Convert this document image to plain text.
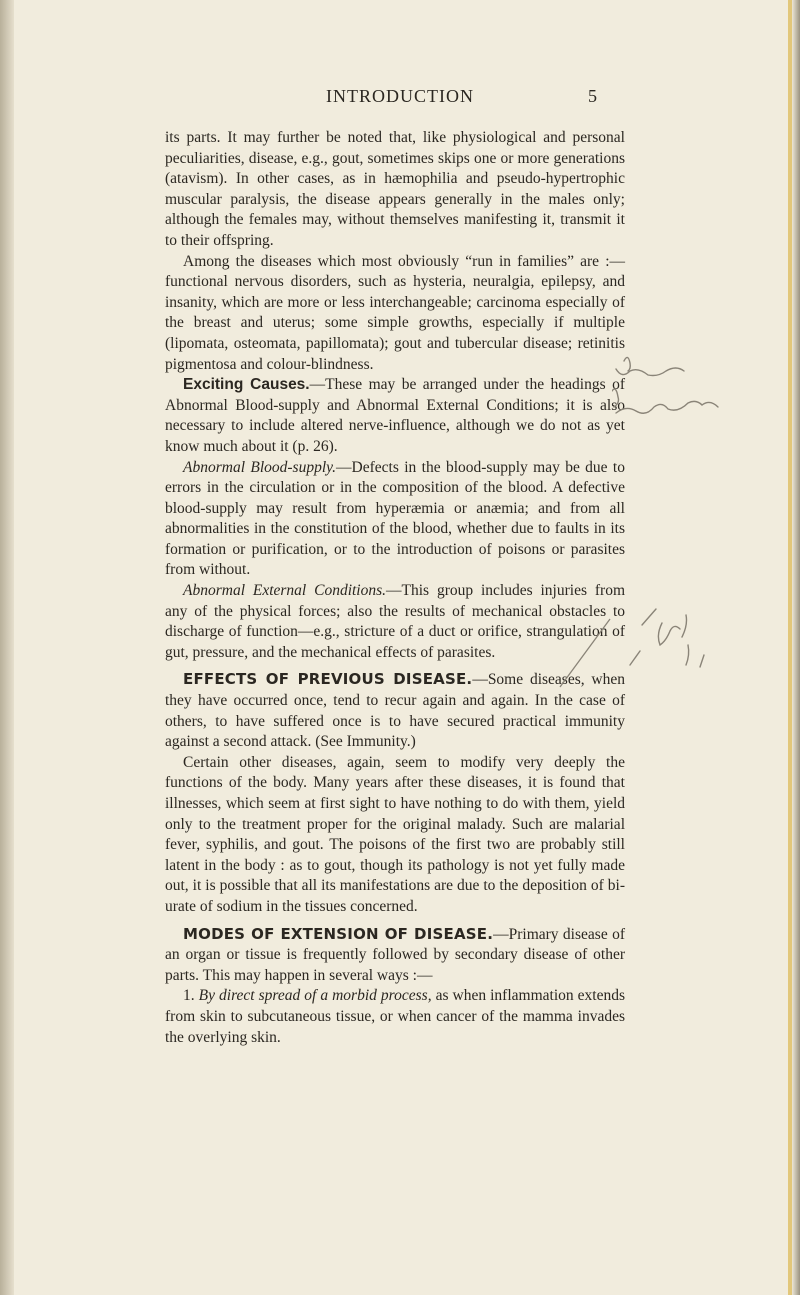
INTRODUCTION	5

its parts. It may further be noted that, like physiological and personal peculiarities, disease, e.g., gout, sometimes skips one or more generations (atavism). In other cases, as in hæmophilia and pseudo-hypertrophic muscular paralysis, the disease appears generally in the males only; although the females may, without themselves manifesting it, transmit it to their offspring.

Among the diseases which most obviously “run in families” are :— functional nervous disorders, such as hysteria, neuralgia, epilepsy, and insanity, which are more or less interchangeable; carcinoma especially of the breast and uterus; some simple growths, especially if multiple (lipomata, osteomata, papillomata); gout and tubercular disease; retinitis pigmentosa and colour-blindness.

Exciting Causes.—These may be arranged under the headings of Abnormal Blood-supply and Abnormal External Conditions; it is also necessary to include altered nerve-influence, although we do not as yet know much about it (p. 26).

Abnormal Blood-supply.—Defects in the blood-supply may be due to errors in the circulation or in the composition of the blood. A defective blood-supply may result from hyperæmia or anæmia; and from all abnormalities in the constitution of the blood, whether due to faults in its formation or purification, or to the introduction of poisons or parasites from without.

Abnormal External Conditions.—This group includes injuries from any of the physical forces; also the results of mechanical obstacles to discharge of function—e.g., stricture of a duct or orifice, strangulation of gut, pressure, and the mechanical effects of parasites.

EFFECTS OF PREVIOUS DISEASE.—Some diseases, when they have occurred once, tend to recur again and again. In the case of others, to have suffered once is to have secured practical immunity against a second attack. (See Immunity.)

Certain other diseases, again, seem to modify very deeply the functions of the body. Many years after these diseases, it is found that illnesses, which seem at first sight to have nothing to do with them, yield only to the treatment proper for the original malady. Such are malarial fever, syphilis, and gout. The poisons of the first two are probably still latent in the body : as to gout, though its pathology is not yet fully made out, it is possible that all its manifestations are due to the deposition of bi-urate of sodium in the tissues concerned.

MODES OF EXTENSION OF DISEASE.—Primary disease of an organ or tissue is frequently followed by secondary disease of other parts. This may happen in several ways :—

1. By direct spread of a morbid process, as when inflammation extends from skin to subcutaneous tissue, or when cancer of the mamma invades the overlying skin.
